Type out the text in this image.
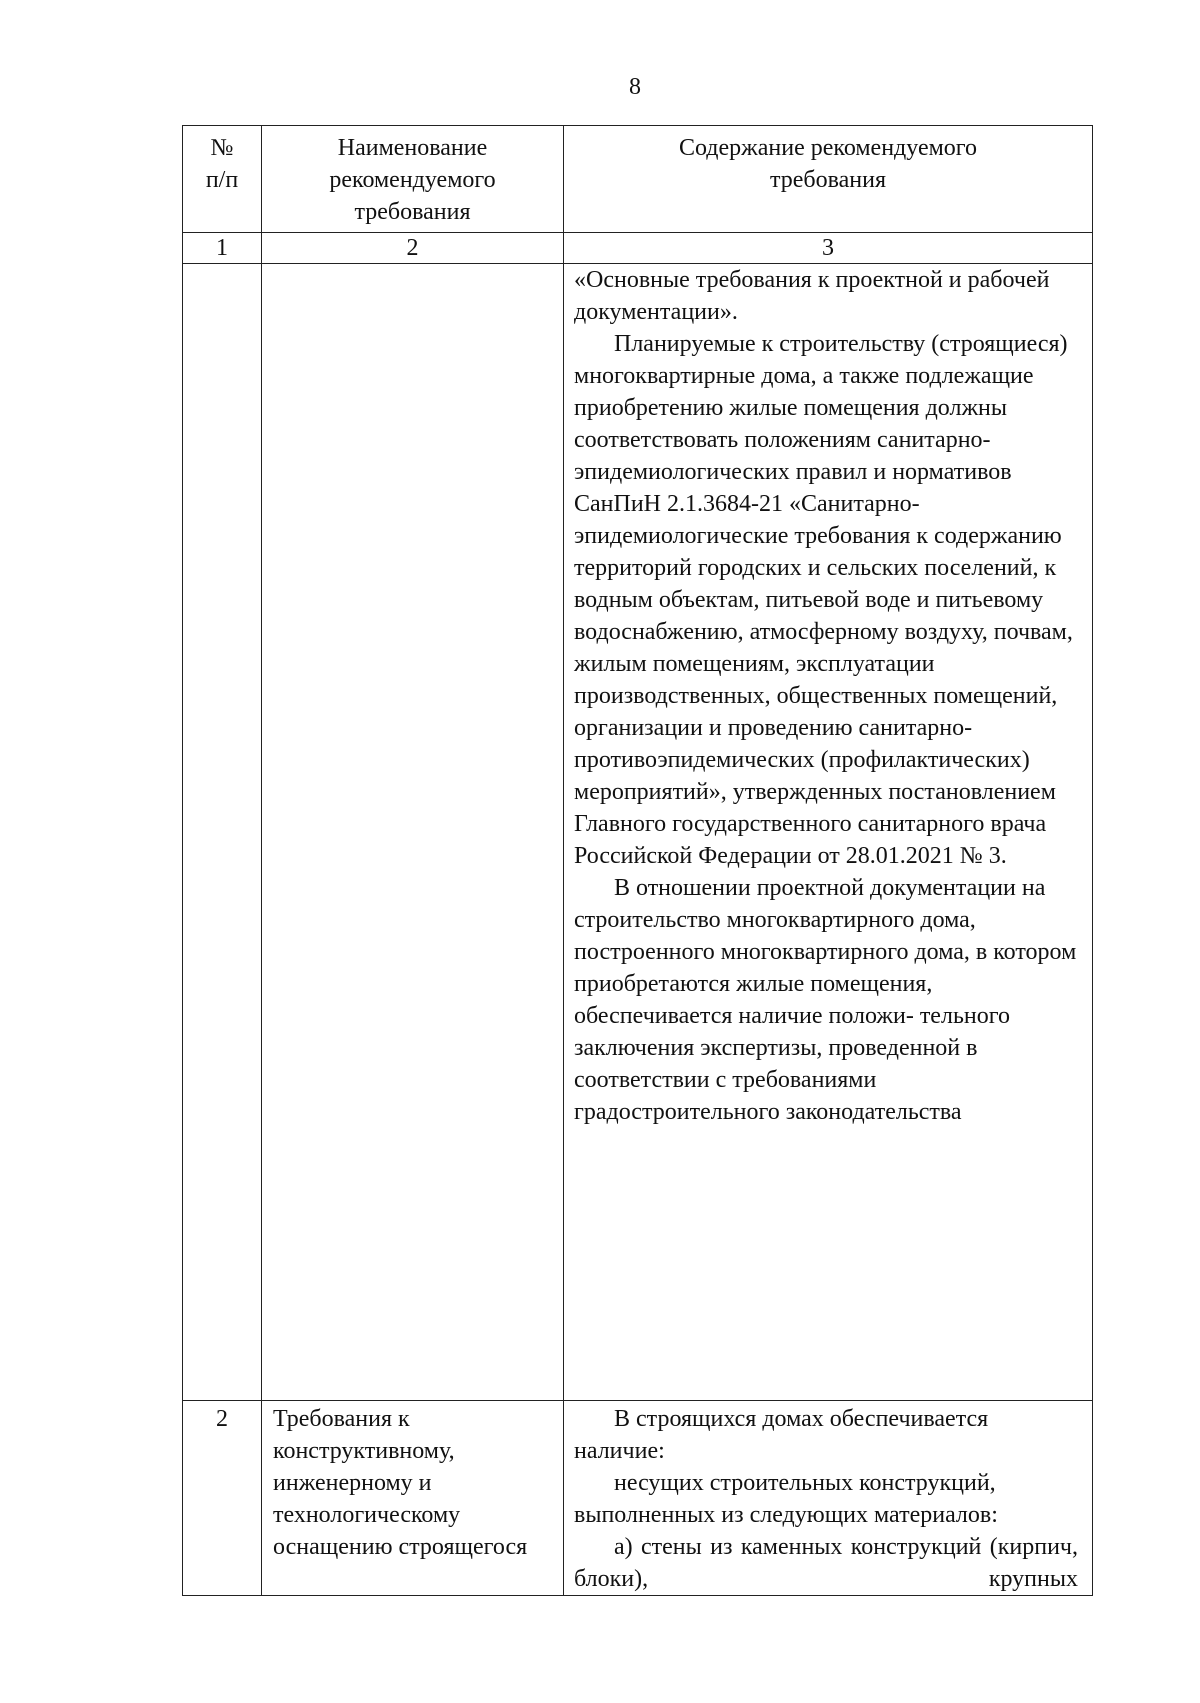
8
№ п/п	Наименование рекомендуемого требования	Содержание рекомендуемого требования

1	2	3

		«Основные требования к проектной и рабочей документации».

Планируемые к строительству (строящиеся) многоквартирные дома, а также подлежащие приобретению жилые помещения должны соответствовать положениям санитарно-эпидемиологических правил и нормативов СанПиН 2.1.3684-21 «Санитарно-эпидемиологические требования к содержанию территорий городских и сельских поселений, к водным объектам, питьевой воде и питьевому водоснабжению, атмосферному воздуху, почвам, жилым помещениям, эксплуатации производственных, общественных помещений, организации и проведению санитарно-противоэпидемических (профилактических) мероприятий», утвержденных постановлением Главного государственного санитарного врача Российской Федерации от 28.01.2021 № 3.

В отношении проектной документации на строительство многоквартирного дома, построенного многоквартирного дома, в котором приобретаются жилые помещения, обеспечивается наличие положи- тельного заключения экспертизы, проведенной в соответствии с требованиями градостроительного законодательства

2	Требования к конструктивному, инженерному и технологическому оснащению строящегося	В строящихся домах обеспечивается наличие:

несущих строительных конструкций, выполненных из следующих материалов:

а) стены из каменных конструкций (кирпич, блоки), крупных
